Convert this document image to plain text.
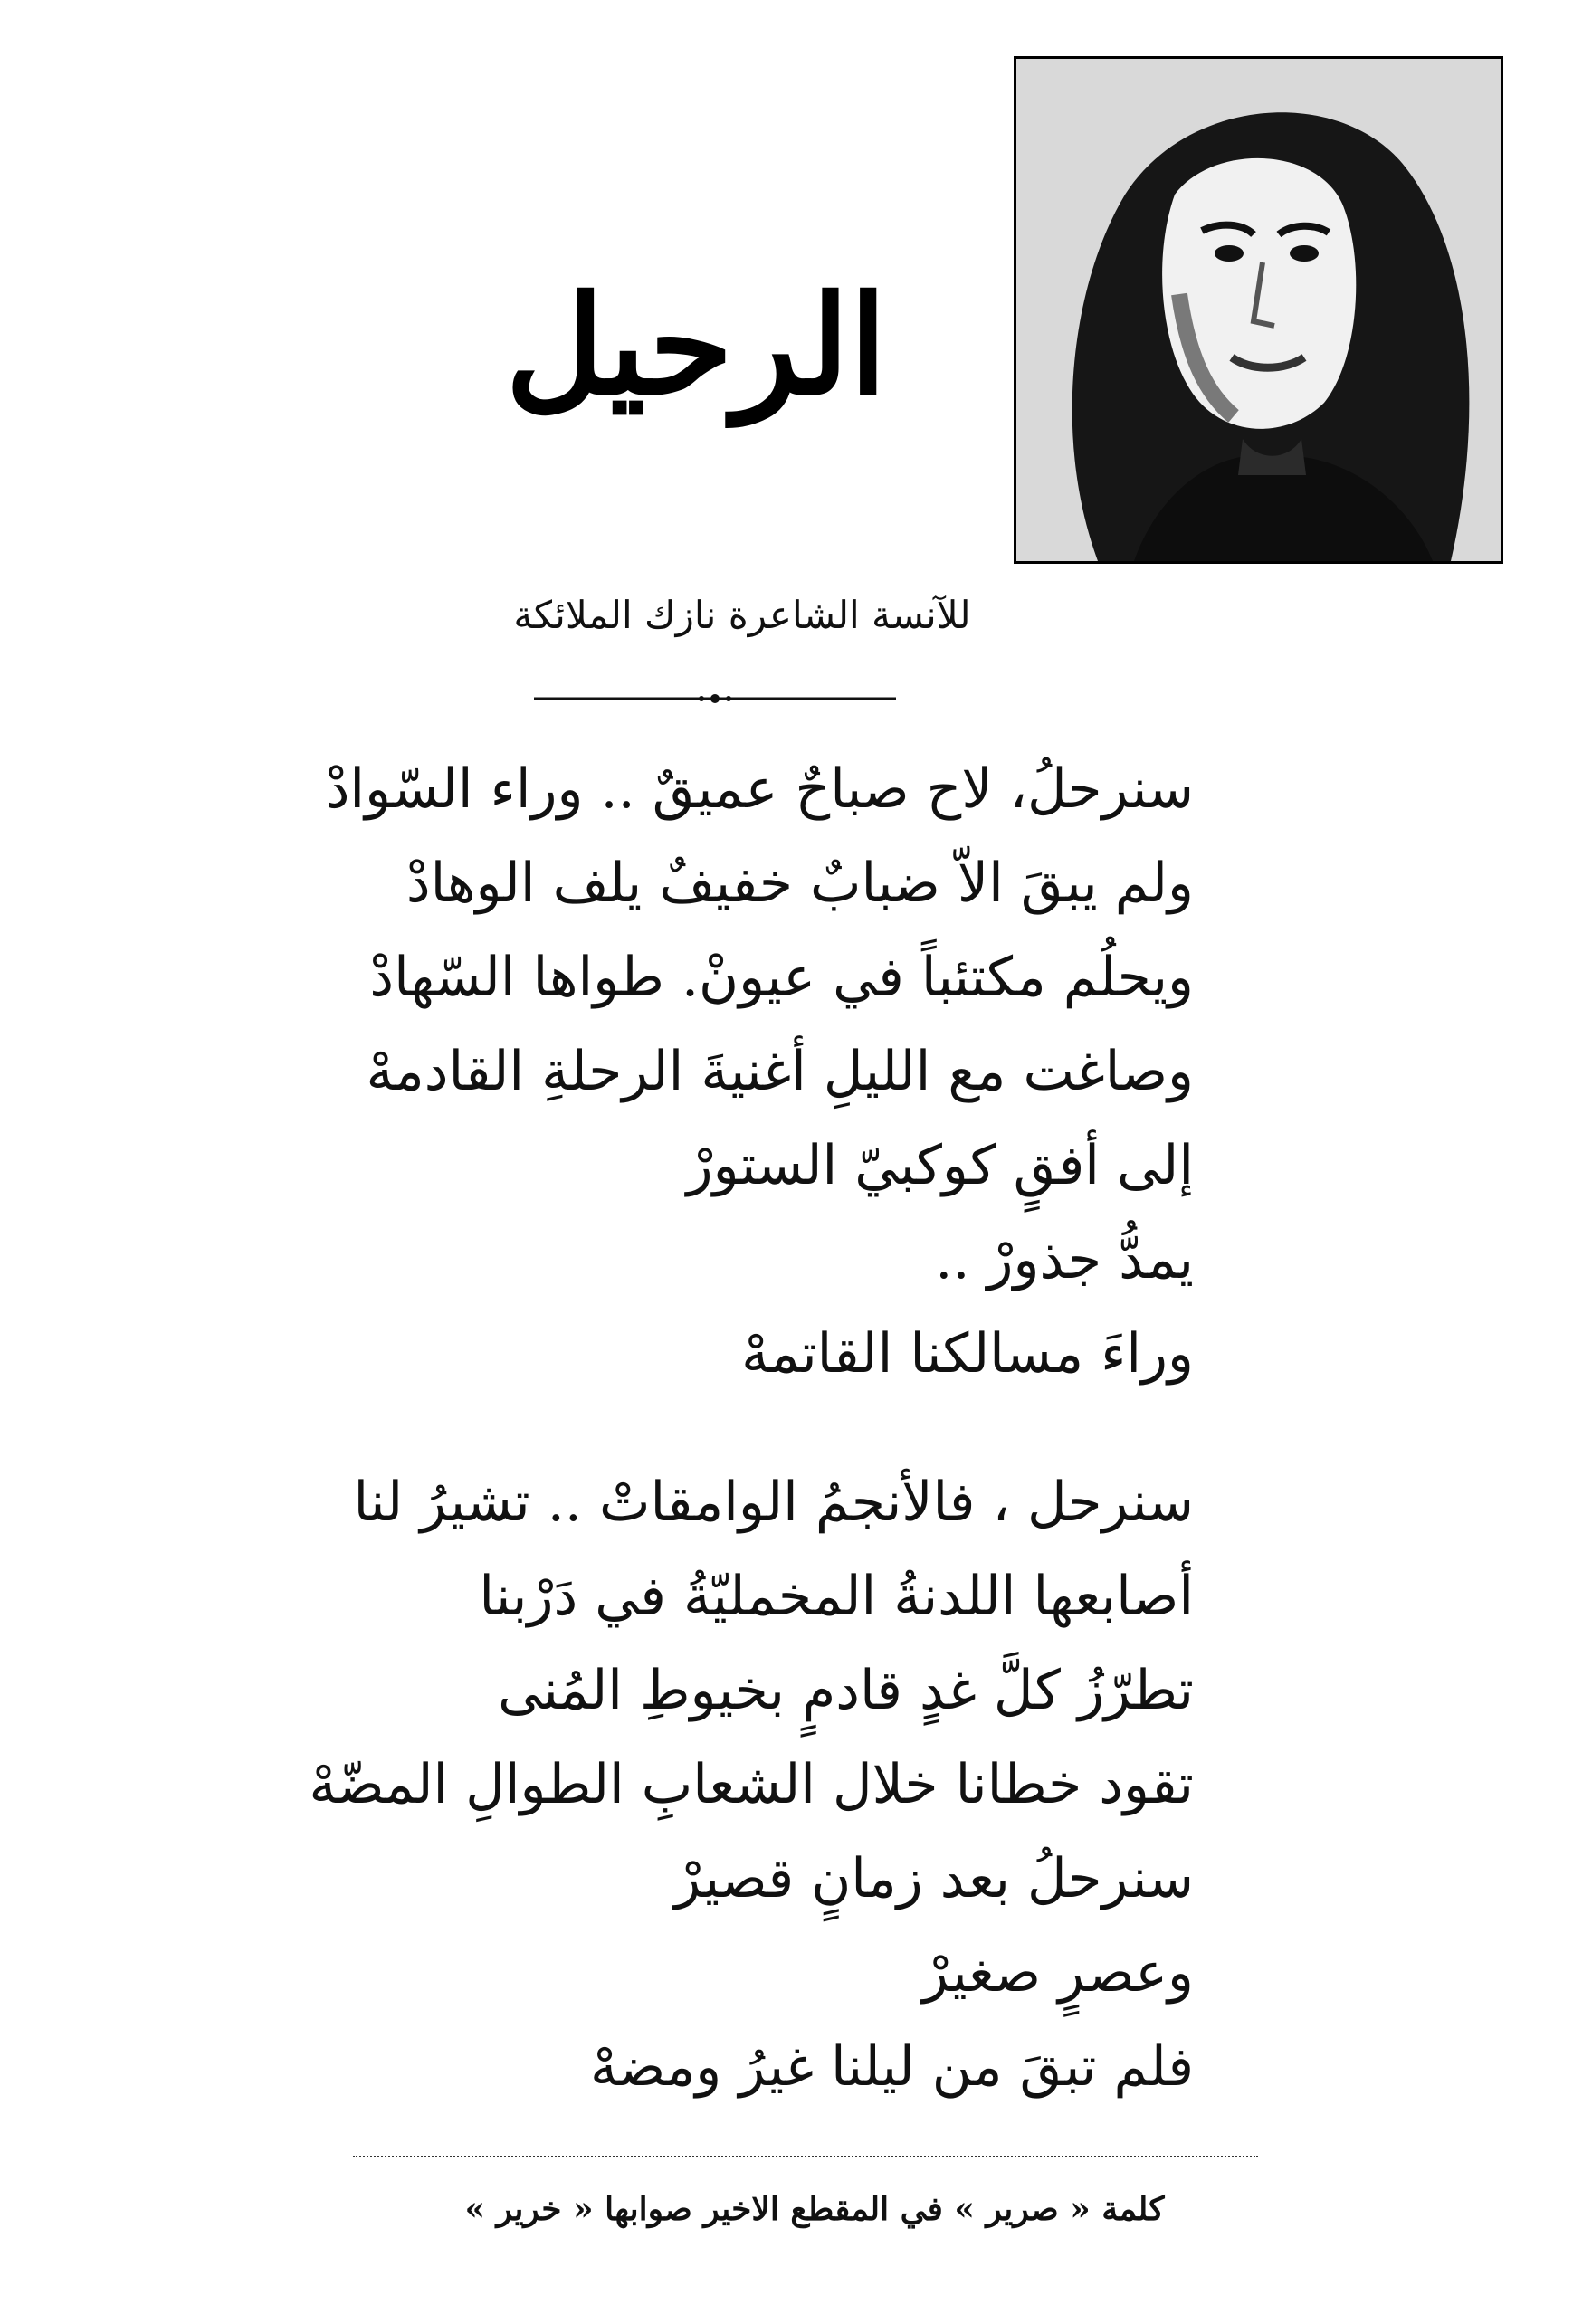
الرحيل
للآنسة الشاعرة نازك الملائكة
سنرحلُ، لاح صباحٌ عميقٌ .. وراء السّوادْ
ولم يبقَ الاّ ضبابٌ خفيفٌ يلف الوهادْ
ويحلُم مكتئباً في عيونْ. طواها السّهادْ
وصاغت مع الليلِ أغنيةَ الرحلةِ القادمهْ
إلى أفقٍ كوكبيّ الستورْ
يمدُّ جذورْ ..
وراءَ مسالكنا القاتمهْ
سنرحل ، فالأنجمُ الوامقاتْ .. تشيرُ لنا
أصابعها اللدنةُ المخمليّةُ في دَرْبنا
تطرّزُ كلَّ غدٍ قادمٍ بخيوطِ المُنى
تقود خطانا خلال الشعابِ الطوالِ المضّهْ
سنرحلُ بعد زمانٍ قصيرْ
وعصرٍ صغيرْ
فلم تبقَ من ليلنا غيرُ ومضهْ
كلمة « صرير » في المقطع الاخير صوابها « خرير »
